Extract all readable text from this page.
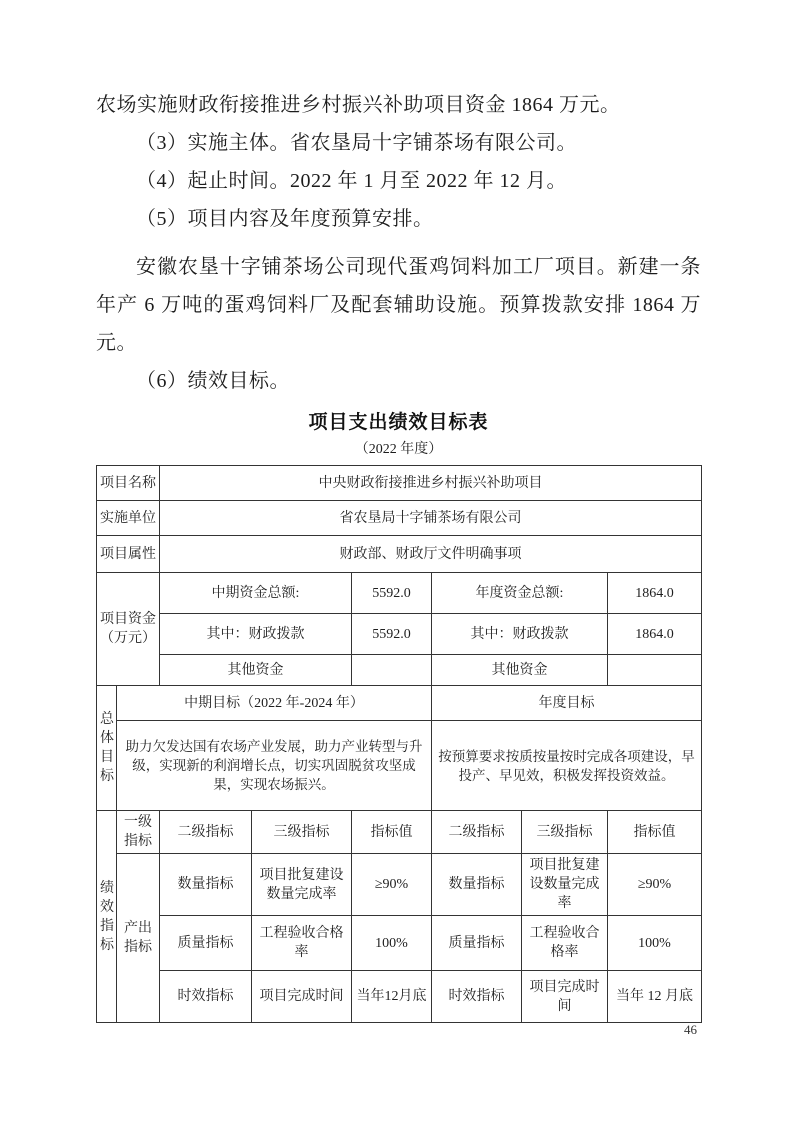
农场实施财政衔接推进乡村振兴补助项目资金 1864 万元。

（3）实施主体。省农垦局十字铺茶场有限公司。

（4）起止时间。2022 年 1 月至 2022 年 12 月。

（5）项目内容及年度预算安排。

安徽农垦十字铺茶场公司现代蛋鸡饲料加工厂项目。新建一条年产 6 万吨的蛋鸡饲料厂及配套辅助设施。预算拨款安排 1864 万元。

（6）绩效目标。

项目支出绩效目标表
（2022 年度）
项目名称		中央财政衔接推进乡村振兴补助项目					
实施单位		省农垦局十字铺茶场有限公司					
项目属性		财政部、财政厅文件明确事项					
项目资金（万元）		中期资金总额:		5592.0	年度资金总额:		1864.0
		其中：财政拨款		5592.0	其中：财政拨款		1864.0
		其他资金			其他资金		
总体目标	中期目标（2022 年-2024 年）				年度目标		
	助力欠发达国有农场产业发展，助力产业转型与升级，实现新的利润增长点，切实巩固脱贫攻坚成果，实现农场振兴。				按预算要求按质按量按时完成各项建设，早投产、早见效，积极发挥投资效益。		
绩效指标	一级指标	二级指标	三级指标	指标值	二级指标	三级指标	指标值
	产出指标	数量指标	项目批复建设数量完成率	≥90%	数量指标	项目批复建设数量完成率	≥90%
		质量指标	工程验收合格率	100%	质量指标	工程验收合格率	100%
		时效指标	项目完成时间	当年12月底	时效指标	项目完成时间	当年 12 月底
46
